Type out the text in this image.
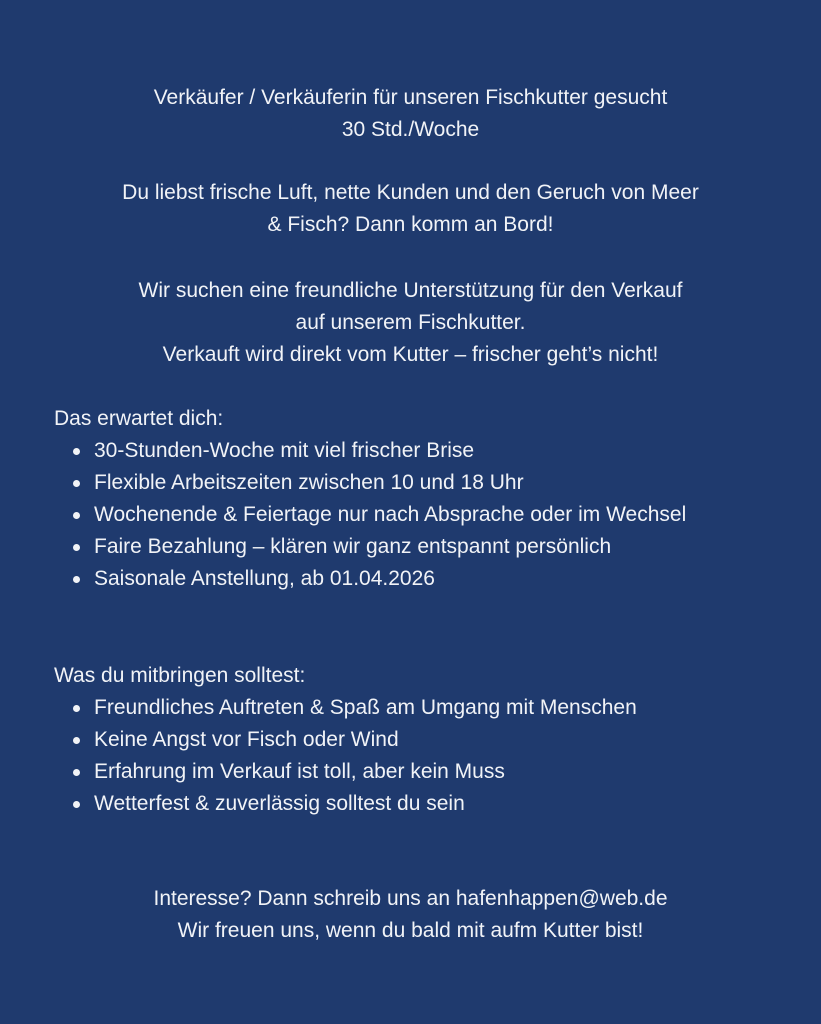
Verkäufer / Verkäuferin für unseren Fischkutter gesucht
30 Std./Woche
Du liebst frische Luft, nette Kunden und den Geruch von Meer
& Fisch? Dann komm an Bord!
Wir suchen eine freundliche Unterstützung für den Verkauf
auf unserem Fischkutter.
Verkauft wird direkt vom Kutter – frischer geht’s nicht!
Das erwartet dich:
30-Stunden-Woche mit viel frischer Brise
Flexible Arbeitszeiten zwischen 10 und 18 Uhr
Wochenende & Feiertage nur nach Absprache oder im Wechsel
Faire Bezahlung – klären wir ganz entspannt persönlich
Saisonale Anstellung, ab 01.04.2026
Was du mitbringen solltest:
Freundliches Auftreten & Spaß am Umgang mit Menschen
Keine Angst vor Fisch oder Wind
Erfahrung im Verkauf ist toll, aber kein Muss
Wetterfest & zuverlässig solltest du sein
Interesse? Dann schreib uns an hafenhappen@web.de
Wir freuen uns, wenn du bald mit aufm Kutter bist!
